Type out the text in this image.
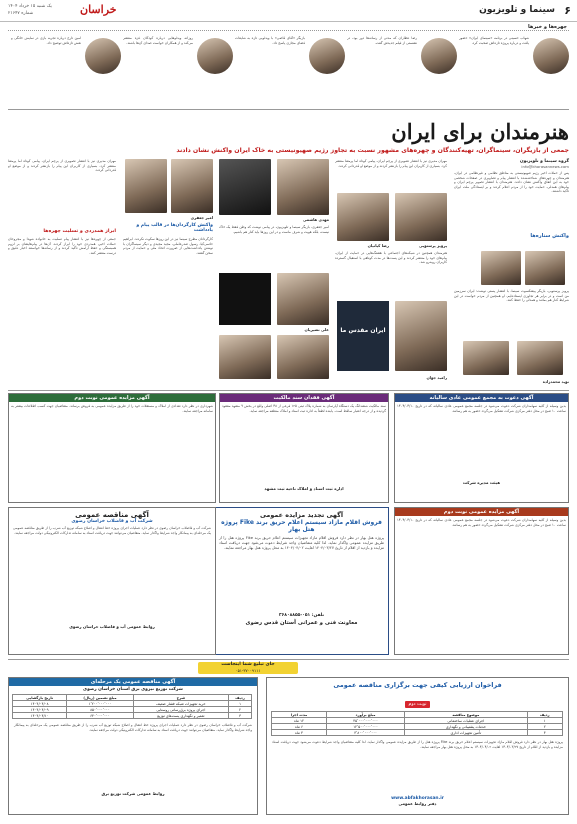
۶
سینما و تلویزیون
خراسان
یک شنبه ۱۵ خرداد ۱۴۰۴
شماره ۲۱۶۴۷
چهره‌ها و خبرها
شهاب حسینی در برنامه «سینمای ایران» حضور یافت و درباره پروژه تازه‌اش صحبت کرد.
رضا عطاران که مدتی از رسانه‌ها دور بود، در نشستی از فیلم جدیدش گفت.
بازیگر «آقای قاضی» با ویدئویی تازه به شایعات فضای مجازی پاسخ داد.
روزانه ویدئوهایی درباره کودکان غزه منتشر می‌کند و از همکاران خواست صدای آن‌ها باشند.
امین تارخ درباره تجربه بازی در نمایش خانگی و نقش تازه‌اش توضیح داد.
هنرمندان برای ایران
جمعی از بازیگران، سینماگران، تهیه‌کنندگان و چهره‌های مشهور نسبت به تجاوز رژیم صهیونیستی به خاک ایران واکنش نشان دادند
گروه سینما و تلویزیون
info@khorasannews.com
پس از حملات اخیر رژیم صهیونیستی به مناطق نظامی و غیرنظامی در ایران، هنرمندان و چهره‌های شناخته‌شده با انتشار پیام و تصاویری در صفحات شخصی خود به این اتفاق واکنش نشان دادند. هنرمندان با انتشار تصویر پرچم ایران و پیام‌های همدلی، حمایت خود را از مردم اعلام کردند و بر ایستادگی ملت ایران تأکید داشتند.
واکنش ستاره‌ها
پرویز پرستویی، بازیگر پیشکسوت سینما، با انتشار پستی نوشت: ایران سرزمین من است و در برابر هر تجاوزی ایستاده‌ایم. او همچنین از مردم خواست در این شرایط کنار هم بمانند و همدلی را حفظ کنند.
نوید محمدزاده
مهران مدیری نیز با انتشار تصویری از پرچم ایران، پیامی کوتاه اما پرمعنا منتشر کرد. بسیاری از کاربران این پیام را بازنشر کردند و از موضع او قدردانی کردند.
پرویز پرستویی
رضا کیانیان
هنرمندان همچنین در شبکه‌های اجتماعی با هشتگ‌هایی در حمایت از ایران، پیام‌های خود را منتشر کردند و این پست‌ها در مدت کوتاهی با استقبال گسترده کاربران روبه‌رو شد.
ایران مقدس ما
رامبد جوان
مهدی هاشمی
امیر جعفری، بازیگر سینما و تلویزیون، در پیامی نوشت که وطن فقط یک خاک نیست، بلکه هویت و شرف ماست و در این روزها باید کنار هم باشیم.
علی نصیریان
امیر جعفری
واکنش کارگردان‌ها در قالب پیام و یادداشت
کارگردانان مطرح سینما نیز در این روزها سکوت نکردند. ابراهیم حاتمی‌کیا، رسول صدرعاملی، مجید مجیدی و دیگر سینماگران با نوشتن یادداشت‌هایی از ضرورت اتحاد ملی و حمایت از مردم سخن گفتند.
مهران مدیری نیز با انتشار تصویری از پرچم ایران، پیامی کوتاه اما پرمعنا منتشر کرد. بسیاری از کاربران این پیام را بازنشر کردند و از موضع او قدردانی کردند.
ابراز همدردی و تسلیت چهره‌ها
جمعی از چهره‌ها نیز با انتشار پیام تسلیت به خانواده شهدا و مجروحان حملات اخیر، همدردی خود را ابراز کردند. آن‌ها در پیام‌هایشان بر لزوم همبستگی و حفظ آرامش تأکید کردند و از رسانه‌ها خواستند اخبار دقیق و درست منتشر کنند.
آگهی دعوت به مجمع عمومی عادی سالیانه
بدین وسیله از کلیه سهامداران شرکت دعوت می‌شود در جلسه مجمع عمومی عادی سالیانه که در تاریخ ۱۴۰۴/۰۴/۱۰ ساعت ۱۰ صبح در محل دفتر مرکزی شرکت تشکیل می‌گردد حضور به هم رسانند.
هیئت مدیره شرکت
آگهی فقدان سند مالکیت
سند مالکیت ششدانگ یک دستگاه آپارتمان به شماره پلاک ثبتی ۱۲۵ فرعی از ۴۸ اصلی واقع در بخش ۹ مشهد مفقود گردیده و از درجه اعتبار ساقط است. یابنده لطفاً به اداره ثبت اسناد و املاک منطقه مراجعه نماید.
اداره ثبت اسناد و املاک ناحیه ثبت مشهد
آگهی مزایده عمومی نوبت دوم
شهرداری در نظر دارد تعدادی از املاک و مستغلات خود را از طریق مزایده عمومی به فروش برساند. متقاضیان جهت کسب اطلاعات بیشتر به سامانه مراجعه نمایند.
آگهی مزایده عمومی نوبت دوم
بدین وسیله از کلیه سهامداران شرکت دعوت می‌شود در جلسه مجمع عمومی عادی سالیانه که در تاریخ ۱۴۰۴/۰۴/۱۰ ساعت ۱۰ صبح در محل دفتر مرکزی شرکت تشکیل می‌گردد حضور به هم رسانند.
آگهی تجدید مزایده عمومی
فروش اقلام مازاد سیستم اعلام حریق برند Fike پروژه هتل بهار
پروژه هتل بهار در نظر دارد فروش اقلام مازاد تجهیزات سیستم اعلام حریق برند Fike پروژه هتل را از طریق مزایده عمومی واگذار نماید. لذا کلیه متقاضیان واجد شرایط دعوت می‌شود جهت دریافت اسناد مزایده و بازدید از اقلام از تاریخ ۱۴۰۴/۰۳/۲۷ لغایت ۱۴۰۴/۰۴/۰۲ به محل پروژه هتل بهار مراجعه نمایند.
تلفن: ۰۵۱-۳۶۸۰۸۸۵۵
معاونت فنی و عمرانی آستان قدس رضوی
آگهی مناقصه عمومی
شرکت آب و فاضلاب خراسان رضوی
شرکت آب و فاضلاب خراسان رضوی در نظر دارد عملیات اجرای پروژه خط انتقال و اصلاح شبکه توزیع آب شرب را از طریق مناقصه عمومی یک مرحله‌ای به پیمانکار واجد شرایط واگذار نماید. متقاضیان می‌توانند جهت دریافت اسناد به سامانه تدارکات الکترونیکی دولت مراجعه نمایند.
روابط عمومی آب و فاضلاب خراسان رضوی
جای تبلیغ شما اینجاست
۰۵۱-۳۷۰۰۹۱۱۱
آگهی مناقصه عمومی یک مرحله‌ای
شرکت توزیع نیروی برق استان خراسان رضوی
ردیف	شرح	مبلغ تضمین (ریال)	تاریخ بازگشایی
۱	خرید تجهیزات شبکه فشار ضعیف	۱٬۲۰۰٬۰۰۰٬۰۰۰	۱۴۰۴/۰۴/۰۸
۲	اجرای پروژه برق‌رسانی روستایی	۸۵۰٬۰۰۰٬۰۰۰	۱۴۰۴/۰۴/۰۹
۳	تعمیر و نگهداری پست‌های توزیع	۶۴۰٬۰۰۰٬۰۰۰	۱۴۰۴/۰۴/۱۰
شرکت آب و فاضلاب خراسان رضوی در نظر دارد عملیات اجرای پروژه خط انتقال و اصلاح شبکه توزیع آب شرب را از طریق مناقصه عمومی یک مرحله‌ای به پیمانکار واجد شرایط واگذار نماید. متقاضیان می‌توانند جهت دریافت اسناد به سامانه تدارکات الکترونیکی دولت مراجعه نمایند.
روابط عمومی شرکت توزیع برق
فراخوان ارزیابی کیفی جهت برگزاری مناقصه عمومی
نوبت دوم
ردیف	موضوع مناقصه	مبلغ برآورد	مدت اجرا
۱	اجرای عملیات ساختمانی	۴۵٬۰۰۰٬۰۰۰٬۰۰۰	۱۲ ماه
۲	خدمات پشتیبانی و نگهداری	۱۲٬۵۰۰٬۰۰۰٬۰۰۰	۶ ماه
۳	تأمین تجهیزات اداری	۳٬۸۰۰٬۰۰۰٬۰۰۰	۳ ماه
پروژه هتل بهار در نظر دارد فروش اقلام مازاد تجهیزات سیستم اعلام حریق برند Fike پروژه هتل را از طریق مزایده عمومی واگذار نماید. لذا کلیه متقاضیان واجد شرایط دعوت می‌شود جهت دریافت اسناد مزایده و بازدید از اقلام از تاریخ ۱۴۰۴/۰۳/۲۷ لغایت ۱۴۰۴/۰۴/۰۲ به محل پروژه هتل بهار مراجعه نمایند.
www.abfakhorasan.ir
دفتر روابط عمومی
